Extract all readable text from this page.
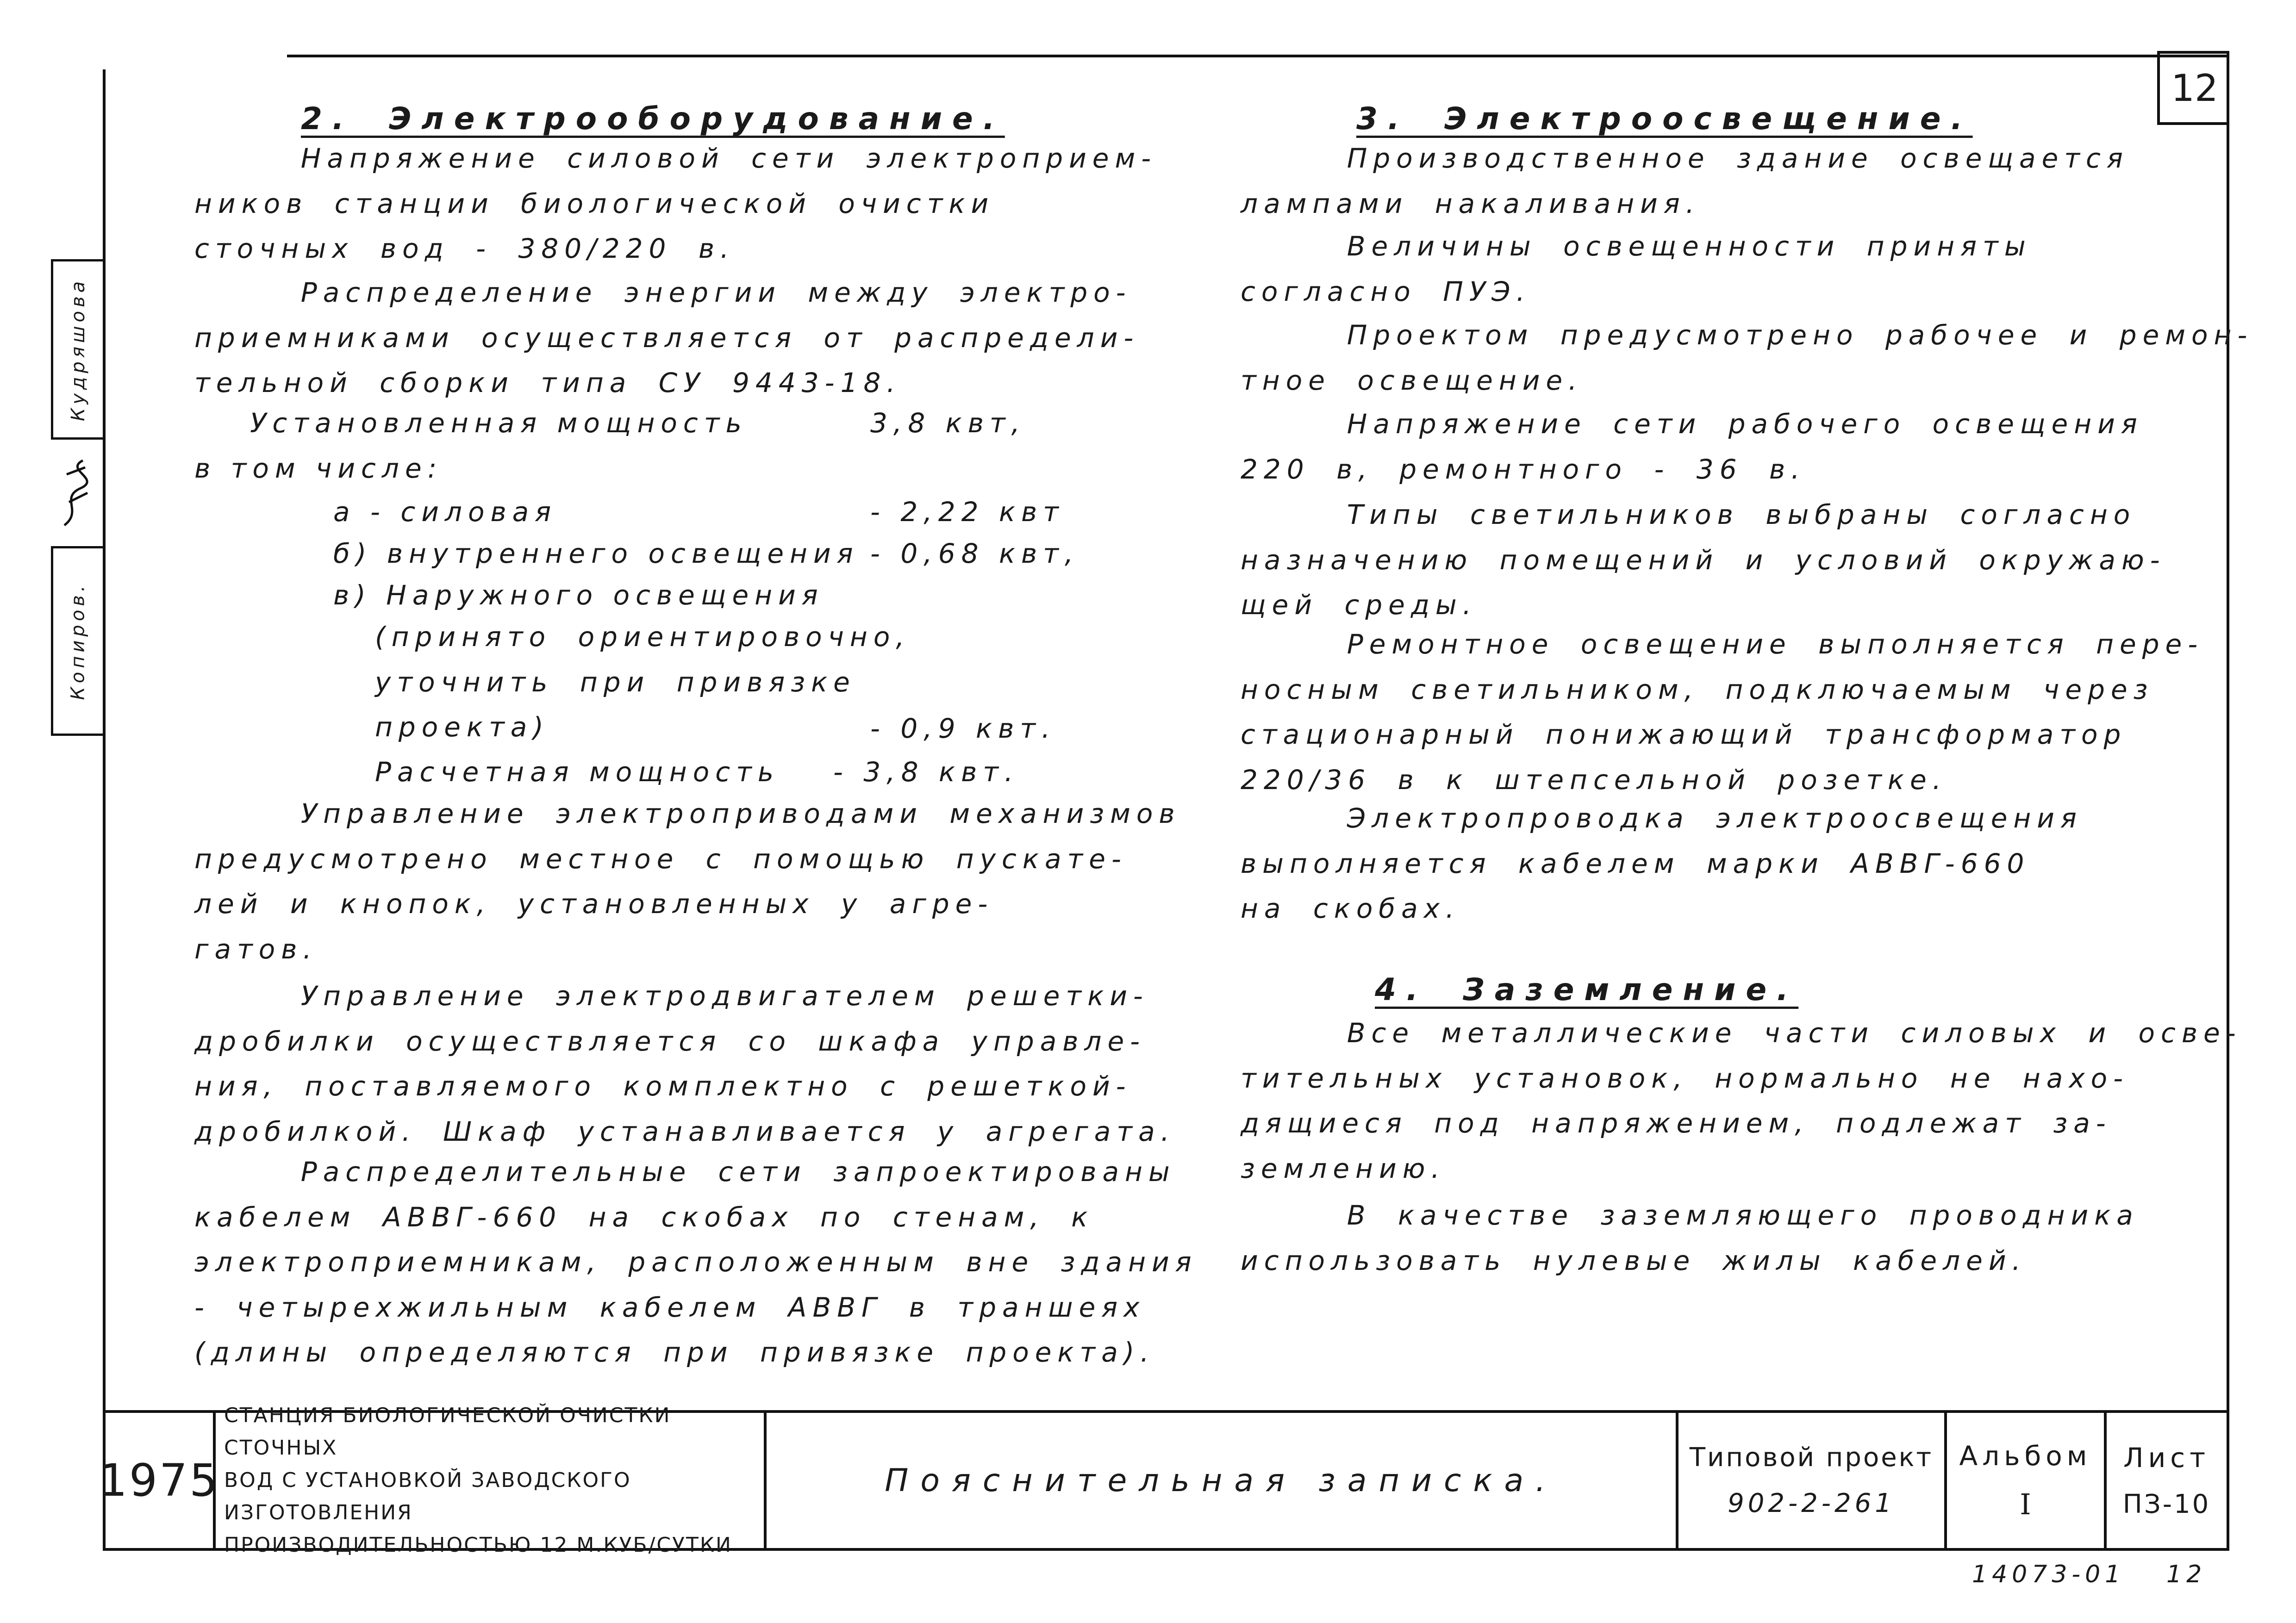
12
Кудряшова
Копиров.
2. Электрооборудование.

Напряжение силовой сети электроприем-
ников станции биологической очистки
сточных вод - 380/220 в.

Распределение энергии между электро-
приемниками осуществляется от распредели-
тельной сборки типа СУ 9443-18.

Установленная мощность	3,8 квт,

в том числе:

а - силовая	- 2,22 квт

б) внутреннего освещения - 0,68 квт,

в) Наружного освещения

(принято ориентировочно,
уточнить при привязке
проекта)	- 0,9 квт.

Расчетная мощность - 3,8 квт.

Управление электроприводами механизмов
предусмотрено местное с помощью пускате-
лей и кнопок, установленных у агре-
гатов.

Управление электродвигателем решетки-
дробилки осуществляется со шкафа управле-
ния, поставляемого комплектно с решеткой-
дробилкой. Шкаф устанавливается у агрегата.

Распределительные сети запроектированы
кабелем АВВГ-660 на скобах по стенам, к
электроприемникам, расположенным вне здания
- четырехжильным кабелем АВВГ в траншеях
(длины определяются при привязке проекта).

3. Электроосвещение.

Производственное здание освещается
лампами накаливания.

Величины освещенности приняты
согласно ПУЭ.

Проектом предусмотрено рабочее и ремон-
тное освещение.

Напряжение сети рабочего освещения
220 в, ремонтного - 36 в.

Типы светильников выбраны согласно
назначению помещений и условий окружаю-
щей среды.

Ремонтное освещение выполняется пере-
носным светильником, подключаемым через
стационарный понижающий трансформатор
220/36 в к штепсельной розетке.

Электропроводка электроосвещения
выполняется кабелем марки АВВГ-660
на скобах.

4. Заземление.

Все металлические части силовых и осве-
тительных установок, нормально не нахо-
дящиеся под напряжением, подлежат за-
землению.

В качестве заземляющего проводника
использовать нулевые жилы кабелей.

1975
СТАНЦИЯ БИОЛОГИЧЕСКОЙ ОЧИСТКИ СТОЧНЫХ
ВОД С УСТАНОВКОЙ ЗАВОДСКОГО ИЗГОТОВЛЕНИЯ
ПРОИЗВОДИТЕЛЬНОСТЬЮ 12 М.КУБ/СУТКИ
Пояснительная записка.
Типовой проект
902-2-261
Альбом
I
Лист
ПЗ-10
14073-01 12
